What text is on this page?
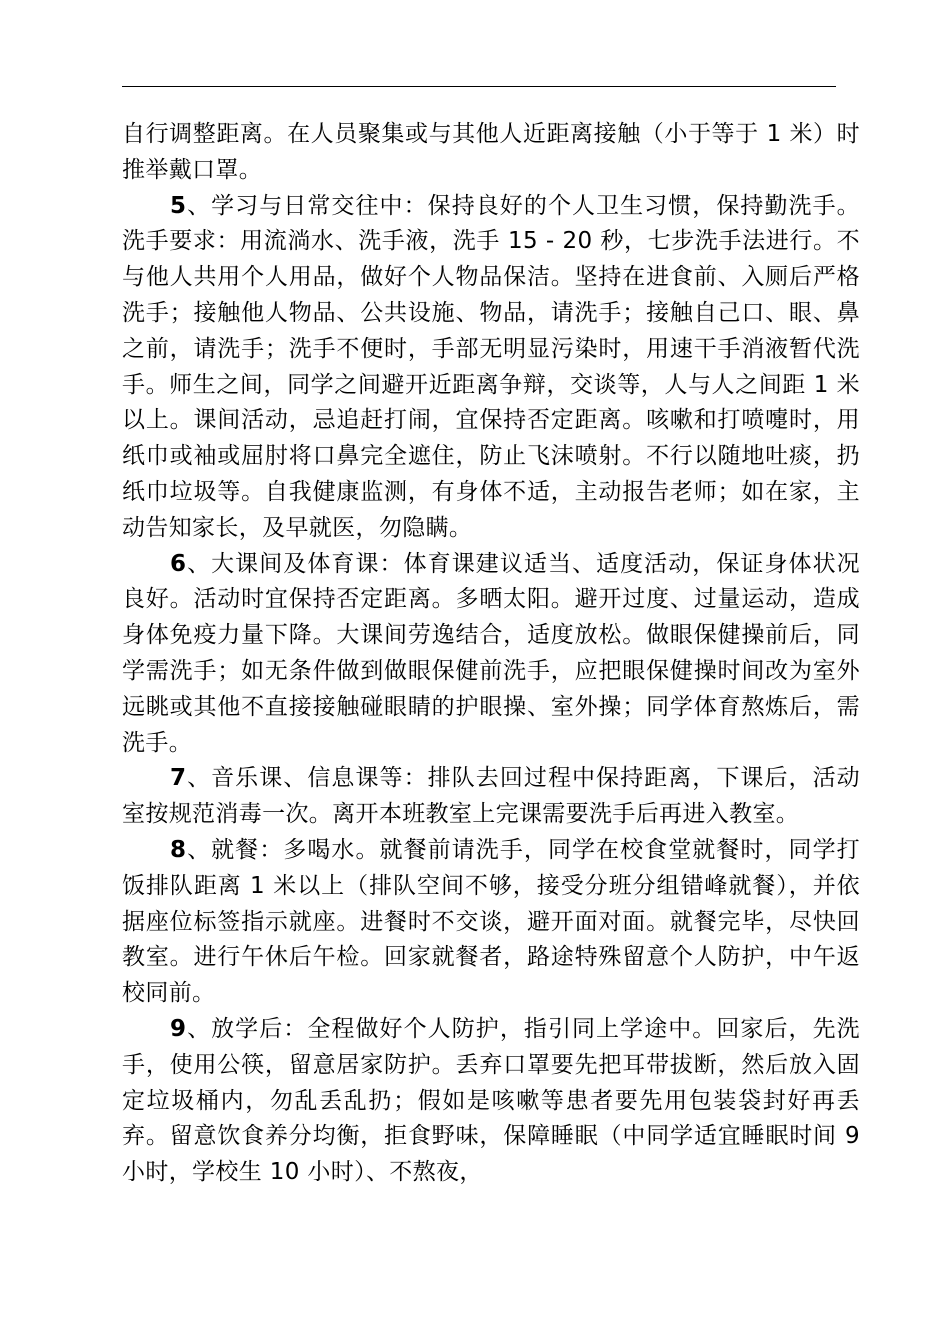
自行调整距离。在人员聚集或与其他人近距离接触（小于等于 1 米）时推举戴口罩。

5、学习与日常交往中：保持良好的个人卫生习惯，保持勤洗手。洗手要求：用流淌水、洗手液，洗手 15 - 20 秒，七步洗手法进行。不与他人共用个人用品，做好个人物品保洁。坚持在进食前、入厕后严格洗手；接触他人物品、公共设施、物品，请洗手；接触自己口、眼、鼻之前，请洗手；洗手不便时，手部无明显污染时，用速干手消液暂代洗手。师生之间，同学之间避开近距离争辩，交谈等，人与人之间距 1 米以上。课间活动，忌追赶打闹，宜保持否定距离。咳嗽和打喷嚏时，用纸巾或袖或屈肘将口鼻完全遮住，防止飞沫喷射。不行以随地吐痰，扔纸巾垃圾等。自我健康监测，有身体不适，主动报告老师；如在家，主动告知家长，及早就医，勿隐瞒。

6、大课间及体育课：体育课建议适当、适度活动，保证身体状况良好。活动时宜保持否定距离。多晒太阳。避开过度、过量运动，造成身体免疫力量下降。大课间劳逸结合，适度放松。做眼保健操前后，同学需洗手；如无条件做到做眼保健前洗手，应把眼保健操时间改为室外远眺或其他不直接接触碰眼睛的护眼操、室外操；同学体育熬炼后，需洗手。

7、音乐课、信息课等：排队去回过程中保持距离，下课后，活动室按规范消毒一次。离开本班教室上完课需要洗手后再进入教室。

8、就餐：多喝水。就餐前请洗手，同学在校食堂就餐时，同学打饭排队距离 1 米以上（排队空间不够，接受分班分组错峰就餐），并依据座位标签指示就座。进餐时不交谈，避开面对面。就餐完毕，尽快回教室。进行午休后午检。回家就餐者，路途特殊留意个人防护，中午返校同前。

9、放学后：全程做好个人防护，指引同上学途中。回家后，先洗手，使用公筷，留意居家防护。丢弃口罩要先把耳带拔断，然后放入固定垃圾桶内，勿乱丢乱扔；假如是咳嗽等患者要先用包装袋封好再丢弃。留意饮食养分均衡，拒食野味，保障睡眠（中同学适宜睡眠时间 9 小时，学校生 10 小时）、不熬夜，
